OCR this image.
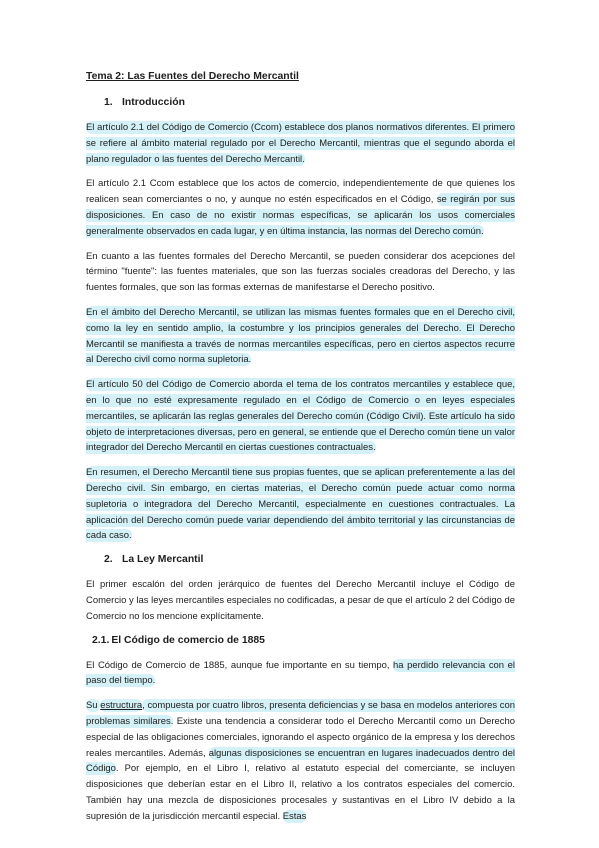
Tema 2: Las Fuentes del Derecho Mercantil
1. Introducción

El artículo 2.1 del Código de Comercio (Ccom) establece dos planos normativos diferentes. El primero se refiere al ámbito material regulado por el Derecho Mercantil, mientras que el segundo aborda el plano regulador o las fuentes del Derecho Mercantil.

El artículo 2.1 Ccom establece que los actos de comercio, independientemente de que quienes los realicen sean comerciantes o no, y aunque no estén especificados en el Código, se regirán por sus disposiciones. En caso de no existir normas específicas, se aplicarán los usos comerciales generalmente observados en cada lugar, y en última instancia, las normas del Derecho común.

En cuanto a las fuentes formales del Derecho Mercantil, se pueden considerar dos acepciones del término "fuente": las fuentes materiales, que son las fuerzas sociales creadoras del Derecho, y las fuentes formales, que son las formas externas de manifestarse el Derecho positivo.

En el ámbito del Derecho Mercantil, se utilizan las mismas fuentes formales que en el Derecho civil, como la ley en sentido amplio, la costumbre y los principios generales del Derecho. El Derecho Mercantil se manifiesta a través de normas mercantiles específicas, pero en ciertos aspectos recurre al Derecho civil como norma supletoria.

El artículo 50 del Código de Comercio aborda el tema de los contratos mercantiles y establece que, en lo que no esté expresamente regulado en el Código de Comercio o en leyes especiales mercantiles, se aplicarán las reglas generales del Derecho común (Código Civil). Este artículo ha sido objeto de interpretaciones diversas, pero en general, se entiende que el Derecho común tiene un valor integrador del Derecho Mercantil en ciertas cuestiones contractuales.

En resumen, el Derecho Mercantil tiene sus propias fuentes, que se aplican preferentemente a las del Derecho civil. Sin embargo, en ciertas materias, el Derecho común puede actuar como norma supletoria o integradora del Derecho Mercantil, especialmente en cuestiones contractuales. La aplicación del Derecho común puede variar dependiendo del ámbito territorial y las circunstancias de cada caso.

2. La Ley Mercantil

El primer escalón del orden jerárquico de fuentes del Derecho Mercantil incluye el Código de Comercio y las leyes mercantiles especiales no codificadas, a pesar de que el artículo 2 del Código de Comercio no los mencione explícitamente.

2.1. El Código de comercio de 1885

El Código de Comercio de 1885, aunque fue importante en su tiempo, ha perdido relevancia con el paso del tiempo.

Su estructura, compuesta por cuatro libros, presenta deficiencias y se basa en modelos anteriores con problemas similares. Existe una tendencia a considerar todo el Derecho Mercantil como un Derecho especial de las obligaciones comerciales, ignorando el aspecto orgánico de la empresa y los derechos reales mercantiles. Además, algunas disposiciones se encuentran en lugares inadecuados dentro del Código. Por ejemplo, en el Libro I, relativo al estatuto especial del comerciante, se incluyen disposiciones que deberían estar en el Libro II, relativo a los contratos especiales del comercio. También hay una mezcla de disposiciones procesales y sustantivas en el Libro IV debido a la supresión de la jurisdicción mercantil especial. Estas
